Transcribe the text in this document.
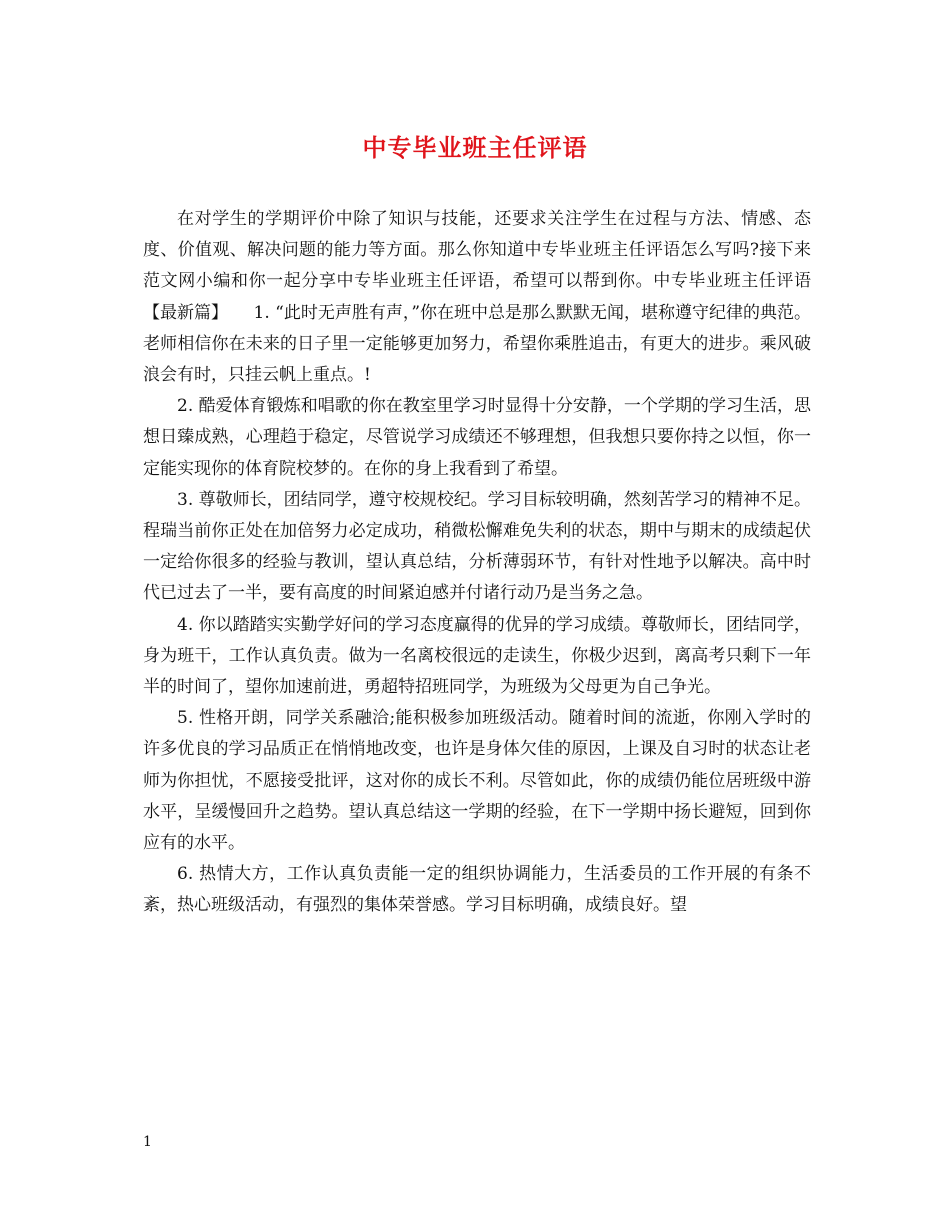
中专毕业班主任评语

在对学生的学期评价中除了知识与技能，还要求关注学生在过程与方法、情感、态度、价值观、解决问题的能力等方面。那么你知道中专毕业班主任评语怎么写吗?接下来范文网小编和你一起分享中专毕业班主任评语，希望可以帮到你。中专毕业班主任评语【最新篇】　　1. “此时无声胜有声，”你在班中总是那么默默无闻，堪称遵守纪律的典范。老师相信你在未来的日子里一定能够更加努力，希望你乘胜追击，有更大的进步。乘风破浪会有时，只挂云帆上重点。!

2. 酷爱体育锻炼和唱歌的你在教室里学习时显得十分安静，一个学期的学习生活，思想日臻成熟，心理趋于稳定，尽管说学习成绩还不够理想，但我想只要你持之以恒，你一定能实现你的体育院校梦的。在你的身上我看到了希望。

3. 尊敬师长，团结同学，遵守校规校纪。学习目标较明确，然刻苦学习的精神不足。程瑞当前你正处在加倍努力必定成功，稍微松懈难免失利的状态，期中与期末的成绩起伏一定给你很多的经验与教训，望认真总结，分析薄弱环节，有针对性地予以解决。高中时代已过去了一半，要有高度的时间紧迫感并付诸行动乃是当务之急。

4. 你以踏踏实实勤学好问的学习态度赢得的优异的学习成绩。尊敬师长，团结同学，身为班干，工作认真负责。做为一名离校很远的走读生，你极少迟到，离高考只剩下一年半的时间了，望你加速前进，勇超特招班同学，为班级为父母更为自己争光。

5. 性格开朗，同学关系融洽;能积极参加班级活动。随着时间的流逝，你刚入学时的许多优良的学习品质正在悄悄地改变，也许是身体欠佳的原因，上课及自习时的状态让老师为你担忧，不愿接受批评，这对你的成长不利。尽管如此，你的成绩仍能位居班级中游水平，呈缓慢回升之趋势。望认真总结这一学期的经验，在下一学期中扬长避短，回到你应有的水平。

6. 热情大方，工作认真负责能一定的组织协调能力，生活委员的工作开展的有条不紊，热心班级活动，有强烈的集体荣誉感。学习目标明确，成绩良好。望

1
